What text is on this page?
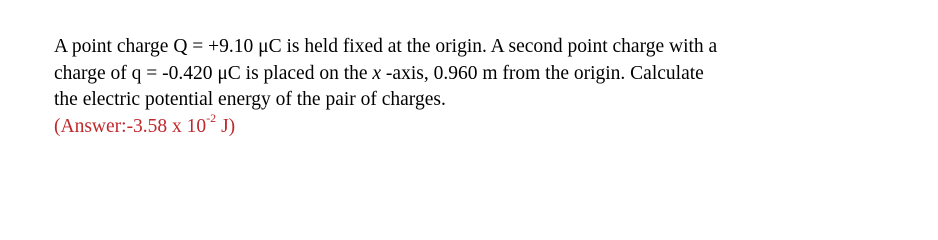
A point charge Q = +9.10 μC is held fixed at the origin. A second point charge with a
charge of q = -0.420 μC is placed on the x -axis, 0.960 m from the origin. Calculate
the electric potential energy of the pair of charges.
(Answer:-3.58 x $10^{-2}$ J)
